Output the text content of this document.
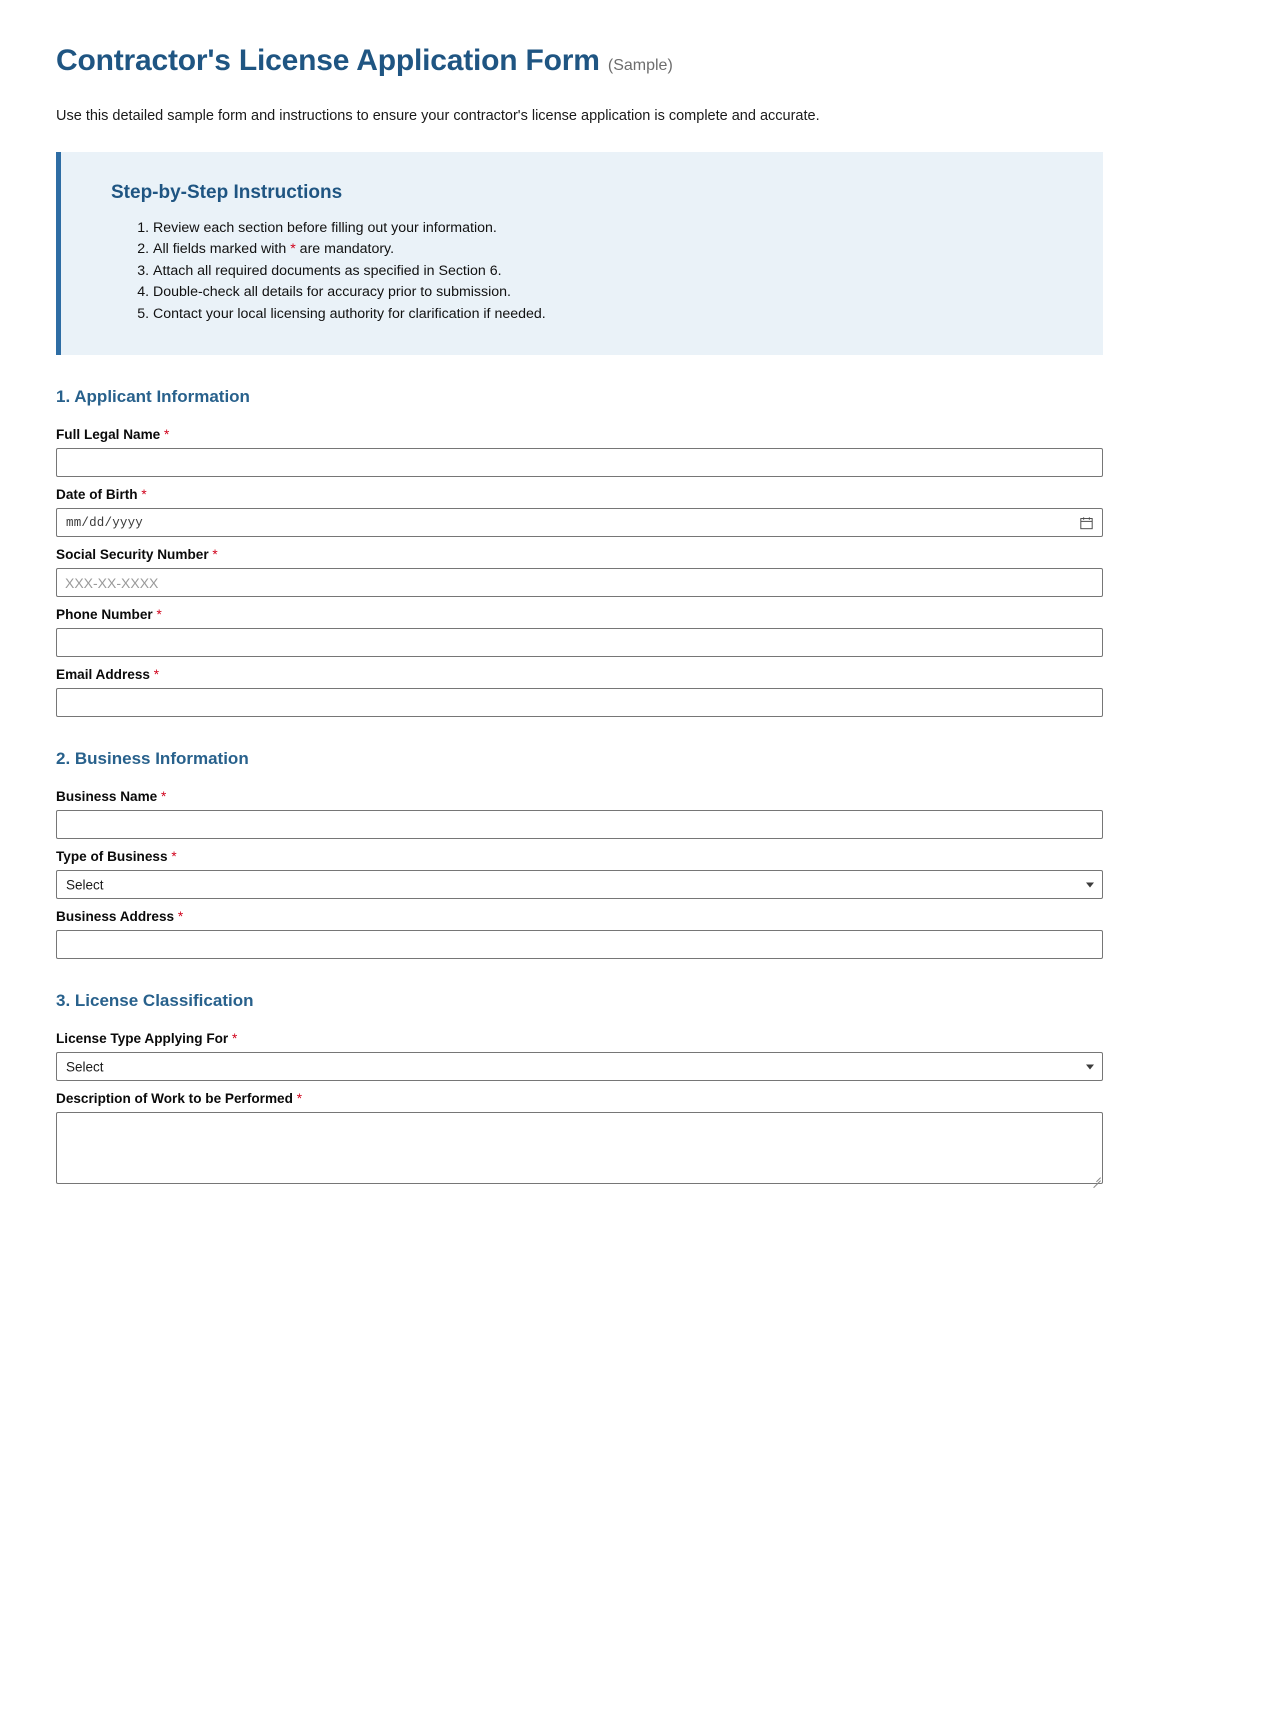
Contractor's License Application Form (Sample)

Use this detailed sample form and instructions to ensure your contractor's license application is complete and accurate.

Step-by-Step Instructions
1. Review each section before filling out your information.
2. All fields marked with * are mandatory.
3. Attach all required documents as specified in Section 6.
4. Double-check all details for accuracy prior to submission.
5. Contact your local licensing authority for clarification if needed.
1. Applicant Information
Full Legal Name *
Date of Birth *
mm/dd/yyyy
Social Security Number *
XXX-XX-XXXX
Phone Number *
Email Address *
2. Business Information
Business Name *
Type of Business *
Select
Business Address *
3. License Classification
License Type Applying For *
Select
Description of Work to be Performed *
